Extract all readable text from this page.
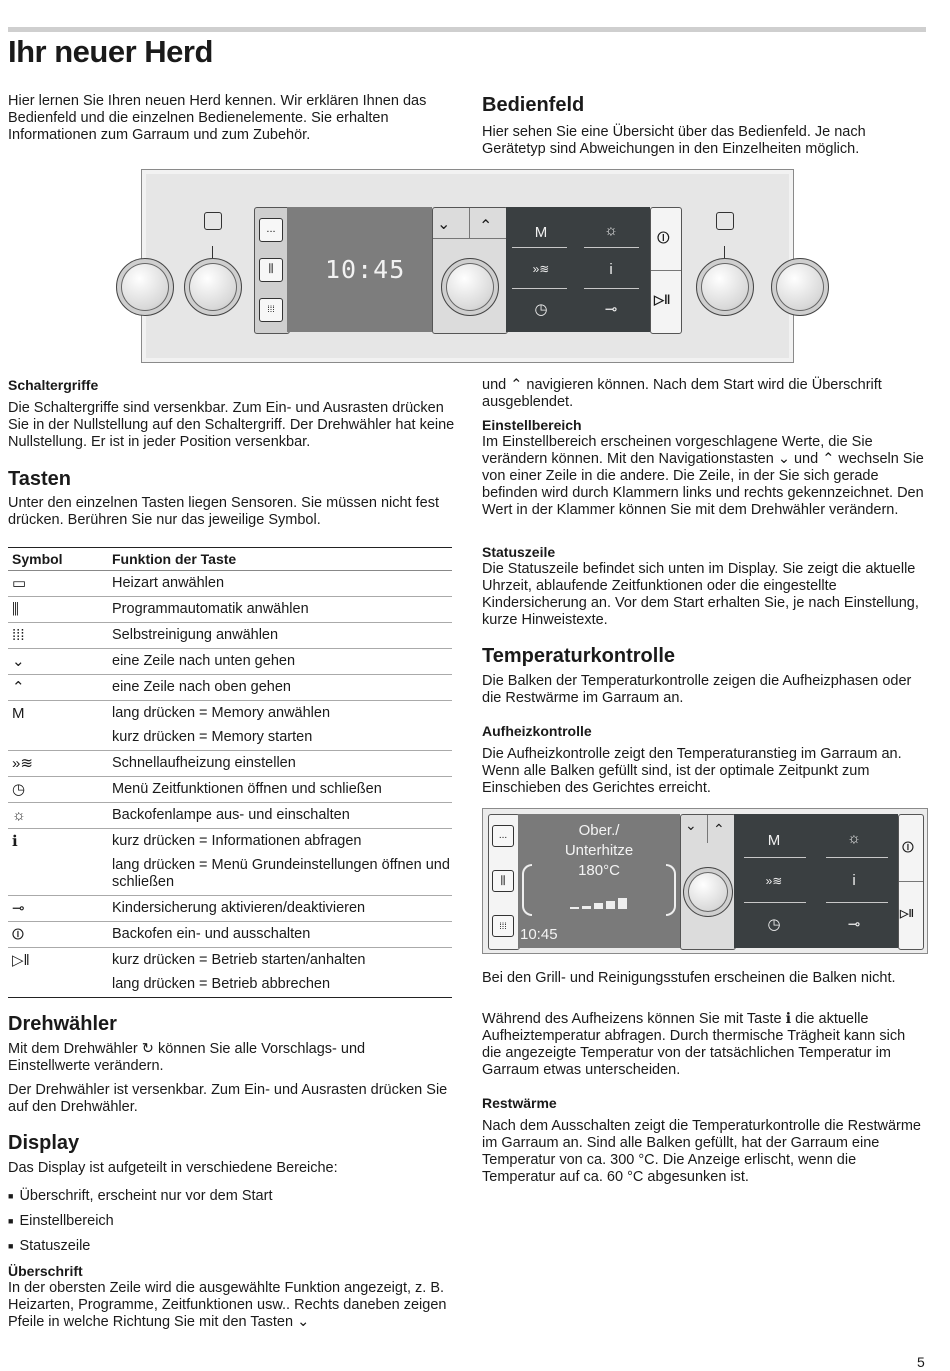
Ihr neuer Herd

Hier lernen Sie Ihren neuen Herd kennen. Wir erklären Ihnen das Bedienfeld und die einzelnen Bedienelemente. Sie erhalten Informationen zum Garraum und zum Zubehör.

Bedienfeld

Hier sehen Sie eine Übersicht über das Bedienfeld. Je nach Gerätetyp sind Abweichungen in den Einzelheiten möglich.

...
⫼
⁞⁞⁞
10:45
⌄ ⌃	M	☼
»≋	i
◷	⊸
⏼
▷‖
Schaltergriffe

Die Schaltergriffe sind versenkbar. Zum Ein- und Ausrasten drücken Sie in der Nullstellung auf den Schaltergriff. Der Drehwähler hat keine Nullstellung. Er ist in jeder Position versenkbar.

Tasten

Unter den einzelnen Tasten liegen Sensoren. Sie müssen nicht fest drücken. Berühren Sie nur das jeweilige Symbol.

Symbol	Funktion der Taste
▭	Heizart anwählen
⫼	Programmautomatik anwählen
⁞⁞⁞	Selbstreinigung anwählen
⌄	eine Zeile nach unten gehen
⌃	eine Zeile nach oben gehen
M	lang drücken = Memory anwählen
kurz drücken = Memory starten

»≋	Schnellaufheizung einstellen
◷	Menü Zeitfunktionen öffnen und schließen
☼	Backofenlampe aus- und einschalten
ℹ	kurz drücken = Informationen abfragen
lang drücken = Menü Grundeinstellungen öffnen und schließen

⊸	Kindersicherung aktivieren/deaktivieren
⏼	Backofen ein- und ausschalten
▷‖	kurz drücken = Betrieb starten/anhalten
lang drücken = Betrieb abbrechen
Drehwähler

Mit dem Drehwähler ↻ können Sie alle Vorschlags- und Einstellwerte verändern.

Der Drehwähler ist versenkbar. Zum Ein- und Ausrasten drücken Sie auf den Drehwähler.

Display

Das Display ist aufgeteilt in verschiedene Bereiche:

■ Überschrift, erscheint nur vor dem Start
■ Einstellbereich
■ Statuszeile
Überschrift

In der obersten Zeile wird die ausgewählte Funktion angezeigt, z. B. Heizarten, Programme, Zeitfunktionen usw.. Rechts daneben zeigen Pfeile in welche Richtung Sie mit den Tasten ⌄

und ⌃ navigieren können. Nach dem Start wird die Überschrift ausgeblendet.

Einstellbereich

Im Einstellbereich erscheinen vorgeschlagene Werte, die Sie verändern können. Mit den Navigationstasten ⌄ und ⌃ wechseln Sie von einer Zeile in die andere. Die Zeile, in der Sie sich gerade befinden wird durch Klammern links und rechts gekennzeichnet. Den Wert in der Klammer können Sie mit dem Drehwähler verändern.

Statuszeile

Die Statuszeile befindet sich unten im Display. Sie zeigt die aktuelle Uhrzeit, ablaufende Zeitfunktionen oder die eingestellte Kindersicherung an. Vor dem Start erhalten Sie, je nach Einstellung, kurze Hinweistexte.

Temperaturkontrolle

Die Balken der Temperaturkontrolle zeigen die Aufheizphasen oder die Restwärme im Garraum an.

Aufheizkontrolle

Die Aufheizkontrolle zeigt den Temperaturanstieg im Garraum an. Wenn alle Balken gefüllt sind, ist der optimale Zeitpunkt zum Einschieben des Gerichtes erreicht.

...
⫼
⁞⁞⁞
Ober./
Unterhitze
180°C
10:45
⌄ ⌃
M	☼
»≋	i
◷	⊸
⏼
▷‖

Bei den Grill- und Reinigungsstufen erscheinen die Balken nicht.

Während des Aufheizens können Sie mit Taste ℹ die aktuelle Aufheiztemperatur abfragen. Durch thermische Trägheit kann sich die angezeigte Temperatur von der tatsächlichen Temperatur im Garraum etwas unterscheiden.

Restwärme

Nach dem Ausschalten zeigt die Temperaturkontrolle die Restwärme im Garraum an. Sind alle Balken gefüllt, hat der Garraum eine Temperatur von ca. 300 °C. Die Anzeige erlischt, wenn die Temperatur auf ca. 60 °C abgesunken ist.

5
